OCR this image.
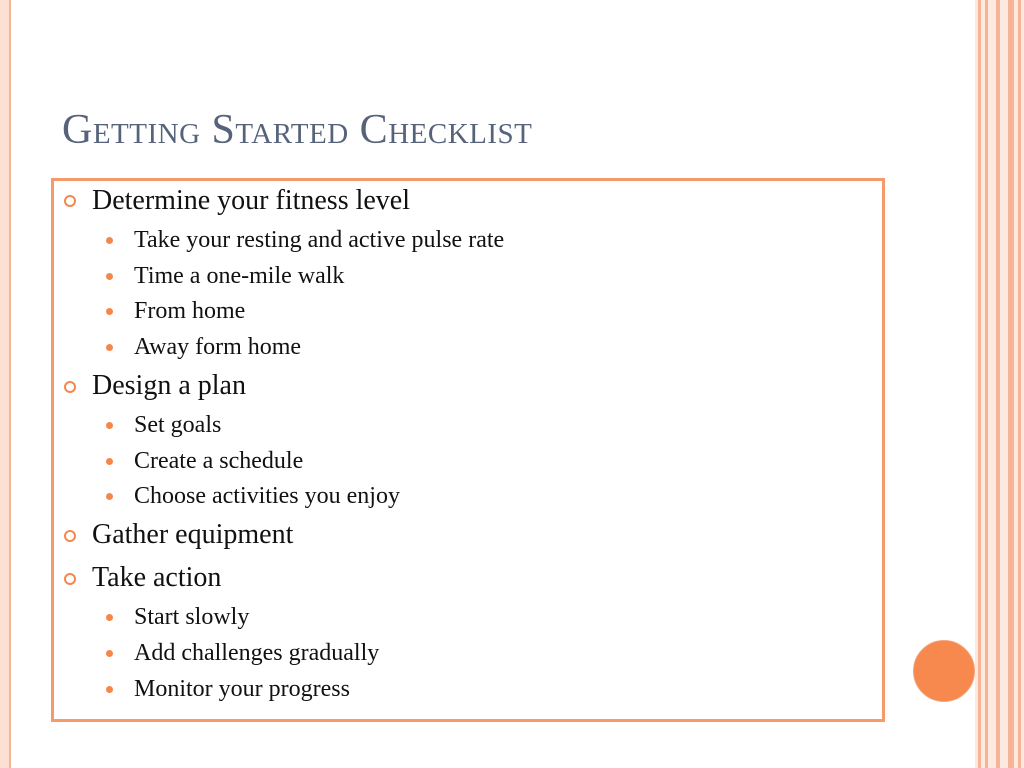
Getting Started Checklist
Determine your fitness level
Take your resting and active pulse rate
Time a one-mile walk
From home
Away form home
Design a plan
Set goals
Create a schedule
Choose activities you enjoy
Gather equipment
Take action
Start slowly
Add challenges gradually
Monitor your progress
